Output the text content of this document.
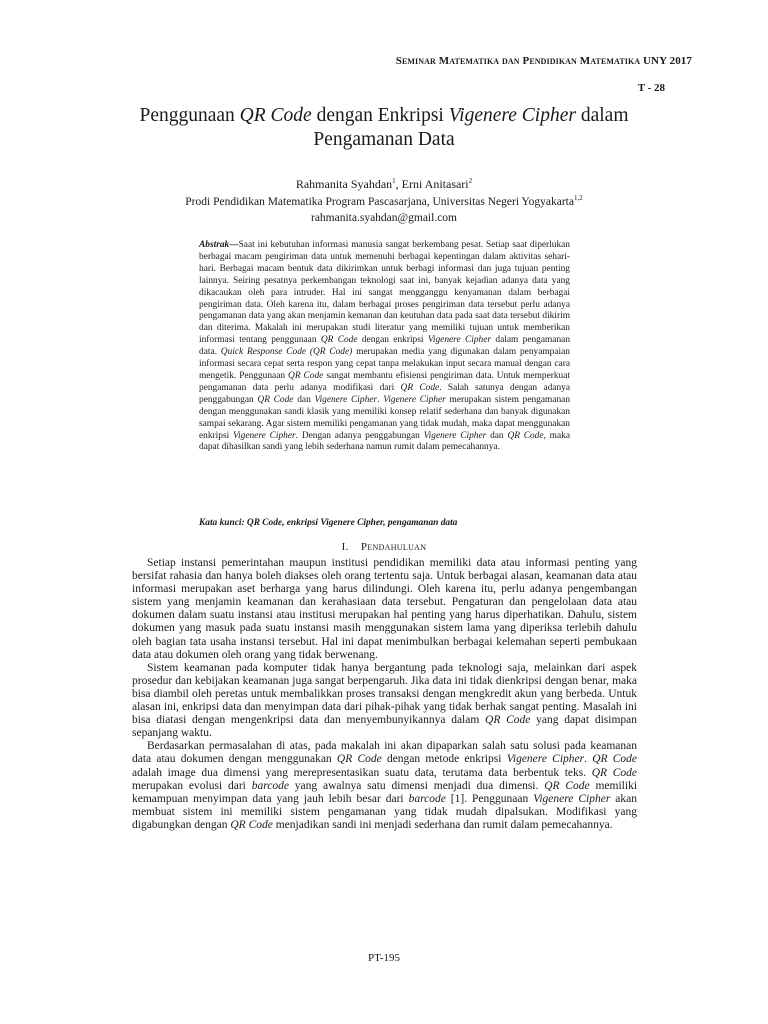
Seminar Matematika dan Pendidikan Matematika UNY 2017
T - 28
Penggunaan QR Code dengan Enkripsi Vigenere Cipher dalam Pengamanan Data
Rahmanita Syahdan$^1$, Erni Anitasari$^2$
Prodi Pendidikan Matematika Program Pascasarjana, Universitas Negeri Yogyakarta$^{1,2}$
rahmanita.syahdan@gmail.com
Abstrak—Saat ini kebutuhan informasi manusia sangat berkembang pesat. Setiap saat diperlukan berbagai macam pengiriman data untuk memenuhi berbagai kepentingan dalam aktivitas sehari-hari. Berbagai macam bentuk data dikirimkan untuk berbagi informasi dan juga tujuan penting lainnya. Seiring pesatnya perkembangan teknologi saat ini, banyak kejadian adanya data yang dikacaukan oleh para intruder. Hal ini sangat mengganggu kenyamanan dalam berbagai pengiriman data. Oleh karena itu, dalam berbagai proses pengiriman data tersebut perlu adanya pengamanan data yang akan menjamin kemanan dan keutuhan data pada saat data tersebut dikirim dan diterima. Makalah ini merupakan studi literatur yang memiliki tujuan untuk memberikan informasi tentang penggunaan QR Code dengan enkripsi Vigenere Cipher dalam pengamanan data. Quick Response Code (QR Code) merupakan media yang digunakan dalam penyampaian informasi secara cepat serta respon yang cepat tanpa melakukan input secara manual dengan cara mengetik. Penggunaan QR Code sangat membantu efisiensi pengiriman data. Untuk memperkuat pengamanan data perlu adanya modifikasi dari QR Code. Salah satunya dengan adanya penggabungan QR Code dan Vigenere Cipher. Vigenere Cipher merupakan sistem pengamanan dengan menggunakan sandi klasik yang memiliki konsep relatif sederhana dan banyak digunakan sampai sekarang. Agar sistem memiliki pengamanan yang tidak mudah, maka dapat menggunakan enkripsi Vigenere Cipher. Dengan adanya penggabungan Vigenere Cipher dan QR Code, maka dapat dihasilkan sandi yang lebih sederhana namun rumit dalam pemecahannya.
Kata kunci: QR Code, enkripsi Vigenere Cipher, pengamanan data
I. Pendahuluan

Setiap instansi pemerintahan maupun institusi pendidikan memiliki data atau informasi penting yang bersifat rahasia dan hanya boleh diakses oleh orang tertentu saja. Untuk berbagai alasan, keamanan data atau informasi merupakan aset berharga yang harus dilindungi. Oleh karena itu, perlu adanya pengembangan sistem yang menjamin keamanan dan kerahasiaan data tersebut. Pengaturan dan pengelolaan data atau dokumen dalam suatu instansi atau institusi merupakan hal penting yang harus diperhatikan. Dahulu, sistem dokumen yang masuk pada suatu instansi masih menggunakan sistem lama yang diperiksa terlebih dahulu oleh bagian tata usaha instansi tersebut. Hal ini dapat menimbulkan berbagai kelemahan seperti pembukaan data atau dokumen oleh orang yang tidak berwenang.

Sistem keamanan pada komputer tidak hanya bergantung pada teknologi saja, melainkan dari aspek prosedur dan kebijakan keamanan juga sangat berpengaruh. Jika data ini tidak dienkripsi dengan benar, maka bisa diambil oleh peretas untuk membalikkan proses transaksi dengan mengkredit akun yang berbeda. Untuk alasan ini, enkripsi data dan menyimpan data dari pihak-pihak yang tidak berhak sangat penting. Masalah ini bisa diatasi dengan mengenkripsi data dan menyembunyikannya dalam QR Code yang dapat disimpan sepanjang waktu.

Berdasarkan permasalahan di atas, pada makalah ini akan dipaparkan salah satu solusi pada keamanan data atau dokumen dengan menggunakan QR Code dengan metode enkripsi Vigenere Cipher. QR Code adalah image dua dimensi yang merepresentasikan suatu data, terutama data berbentuk teks. QR Code merupakan evolusi dari barcode yang awalnya satu dimensi menjadi dua dimensi. QR Code memiliki kemampuan menyimpan data yang jauh lebih besar dari barcode [1]. Penggunaan Vigenere Cipher akan membuat sistem ini memiliki sistem pengamanan yang tidak mudah dipalsukan. Modifikasi yang digabungkan dengan QR Code menjadikan sandi ini menjadi sederhana dan rumit dalam pemecahannya.

PT-195
